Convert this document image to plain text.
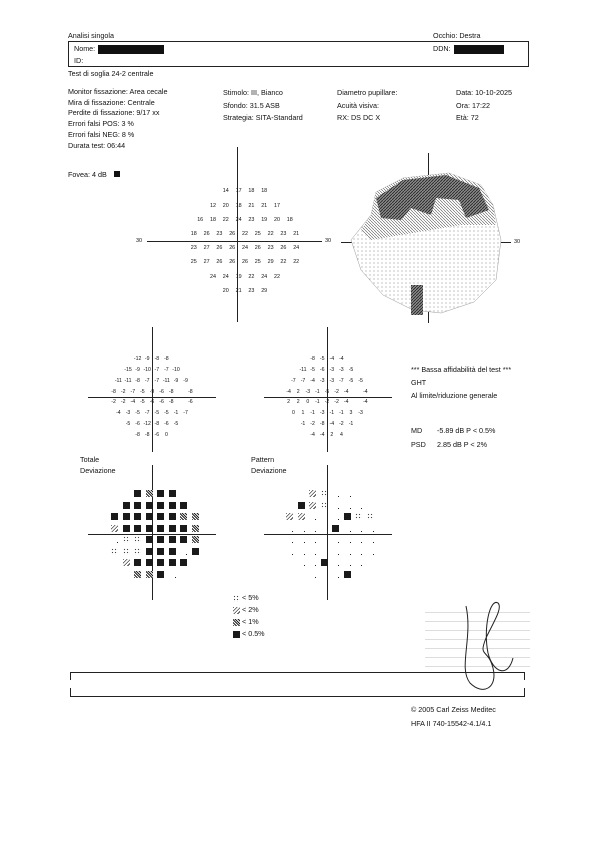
Analisi singola	Occhio: Destra
Nome:
ID:
DDN:
Test di soglia 24-2 centrale
Monitor fissazione: Area cecale
Mira di fissazione: Centrale
Perdite di fissazione: 9/17 xx
Errori falsi POS: 3 %
Errori falsi NEG: 8 %
Durata test: 06:44
Stimolo: III, Bianco
Sfondo: 31.5 ASB
Strategia: SITA-Standard
Diametro pupillare:
Acuità visiva:
RX: DS DC X
Data: 10-10-2025
Ora: 17:22
Età: 72
Fovea: 4 dB
30	30
14	17	18	18
12	20	18	21	21	17
16	18	22	24	23	19	20	18
18	26	23	26	22	25	22	23	21
23	27	26	26	24	26	23	26	24
25	27	26	26	26	25	29	22	22
24	24	19	22	24	22
20	21	23	29
30
-12 -9 -8 -8
-15 -9 -10 -7 -7 -10
-11 -11 -8 -7 -7 -11 -9 -9
-8 -2 -7 -5 -9 -6 -8	-8
-2 -2 -4 -5 -6 -6 -8	-6
-4 -3 -5 -7 -5 -5 -1 -7
-5 -6 -12 -8 -6 -5
-8 -8 -6	0
-8 -5 -4 -4
-11 -5 -6 -3 -3 -5
-7 -7 -4 -3 -3 -7 -5 -5
-4	2	-3 -1 -5 -2 -4	-4
2	2	0	-1 -2 -2 -4	-4
0	1	-1 -3 -1 -1	3	-3
-1 -2 -8 -4 -2 -1
-4 -4	2	4
*** Bassa affidabilità del test ***
GHT
Al limite/riduzione generale
MD -5.89 dB P < 0.5%
PSD 2.85 dB P < 2%
Totale
Deviazione
Pattern
Deviazione
< 5%
< 2%
< 1%
< 0.5%
© 2005 Carl Zeiss Meditec
HFA II 740-15542-4.1/4.1
